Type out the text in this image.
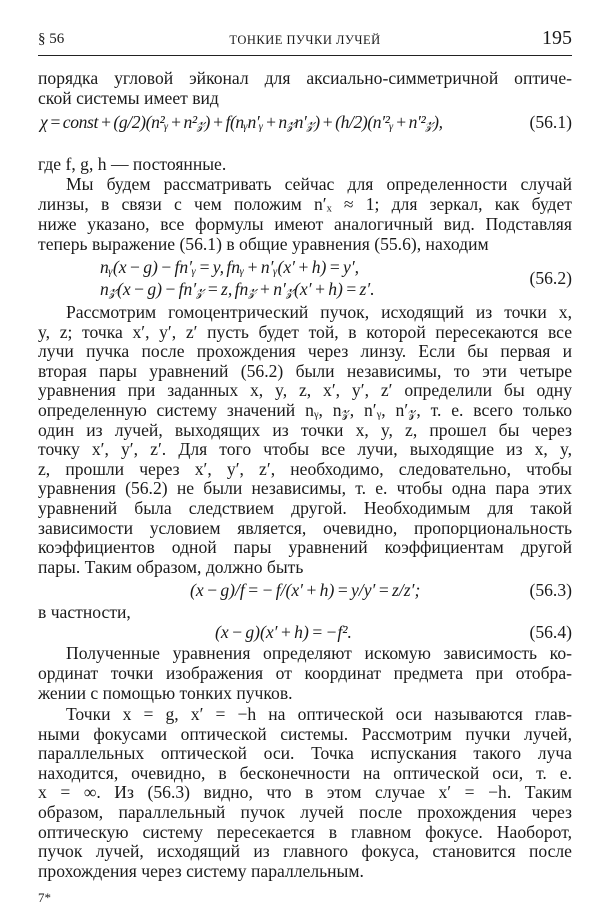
§ 56	ТОНКИЕ ПУЧКИ ЛУЧЕЙ	195
порядка угловой эйконал для аксиально-симметричной оптиче-
ской системы имеет вид
χ = const + (g/2)(n²ᵧ + n²𝓏) + f(nᵧn′ᵧ + n𝓏n′𝓏) + (h/2)(n′²ᵧ + n′²𝓏),	(56.1)
где f, g, h — постоянные.
Мы будем рассматривать сейчас для определенности случай
линзы, в связи с чем положим n′ₓ ≈ 1; для зеркал, как будет
ниже указано, все формулы имеют аналогичный вид. Подставляя
теперь выражение (56.1) в общие уравнения (55.6), находим
nᵧ(x − g) − fn′ᵧ = y, fnᵧ + n′ᵧ(x′ + h) = y′,
n𝓏(x − g) − fn′𝓏 = z, fn𝓏 + n′𝓏(x′ + h) = z′.
(56.2)
Рассмотрим гомоцентрический пучок, исходящий из точки x,
y, z; точка x′, y′, z′ пусть будет той, в которой пересекаются все
лучи пучка после прохождения через линзу. Если бы первая и
вторая пары уравнений (56.2) были независимы, то эти четыре
уравнения при заданных x, y, z, x′, y′, z′ определили бы одну
определенную систему значений nᵧ, n𝓏, n′ᵧ, n′𝓏, т. е. всего только
один из лучей, выходящих из точки x, y, z, прошел бы через
точку x′, y′, z′. Для того чтобы все лучи, выходящие из x, y,
z, прошли через x′, y′, z′, необходимо, следовательно, чтобы
уравнения (56.2) не были независимы, т. е. чтобы одна пара этих
уравнений была следствием другой. Необходимым для такой
зависимости условием является, очевидно, пропорциональность
коэффициентов одной пары уравнений коэффициентам другой
пары. Таким образом, должно быть
(x − g)/f = − f/(x′ + h) = y/y′ = z/z′;	(56.3)
в частности,
(x − g)(x′ + h) = −f².	(56.4)
Полученные уравнения определяют искомую зависимость ко-
ординат точки изображения от координат предмета при отобра-
жении с помощью тонких пучков.
Точки x = g, x′ = −h на оптической оси называются глав-
ными фокусами оптической системы. Рассмотрим пучки лучей,
параллельных оптической оси. Точка испускания такого луча
находится, очевидно, в бесконечности на оптической оси, т. е.
x = ∞. Из (56.3) видно, что в этом случае x′ = −h. Таким
образом, параллельный пучок лучей после прохождения через
оптическую систему пересекается в главном фокусе. Наоборот,
пучок лучей, исходящий из главного фокуса, становится после
прохождения через систему параллельным.
7*
